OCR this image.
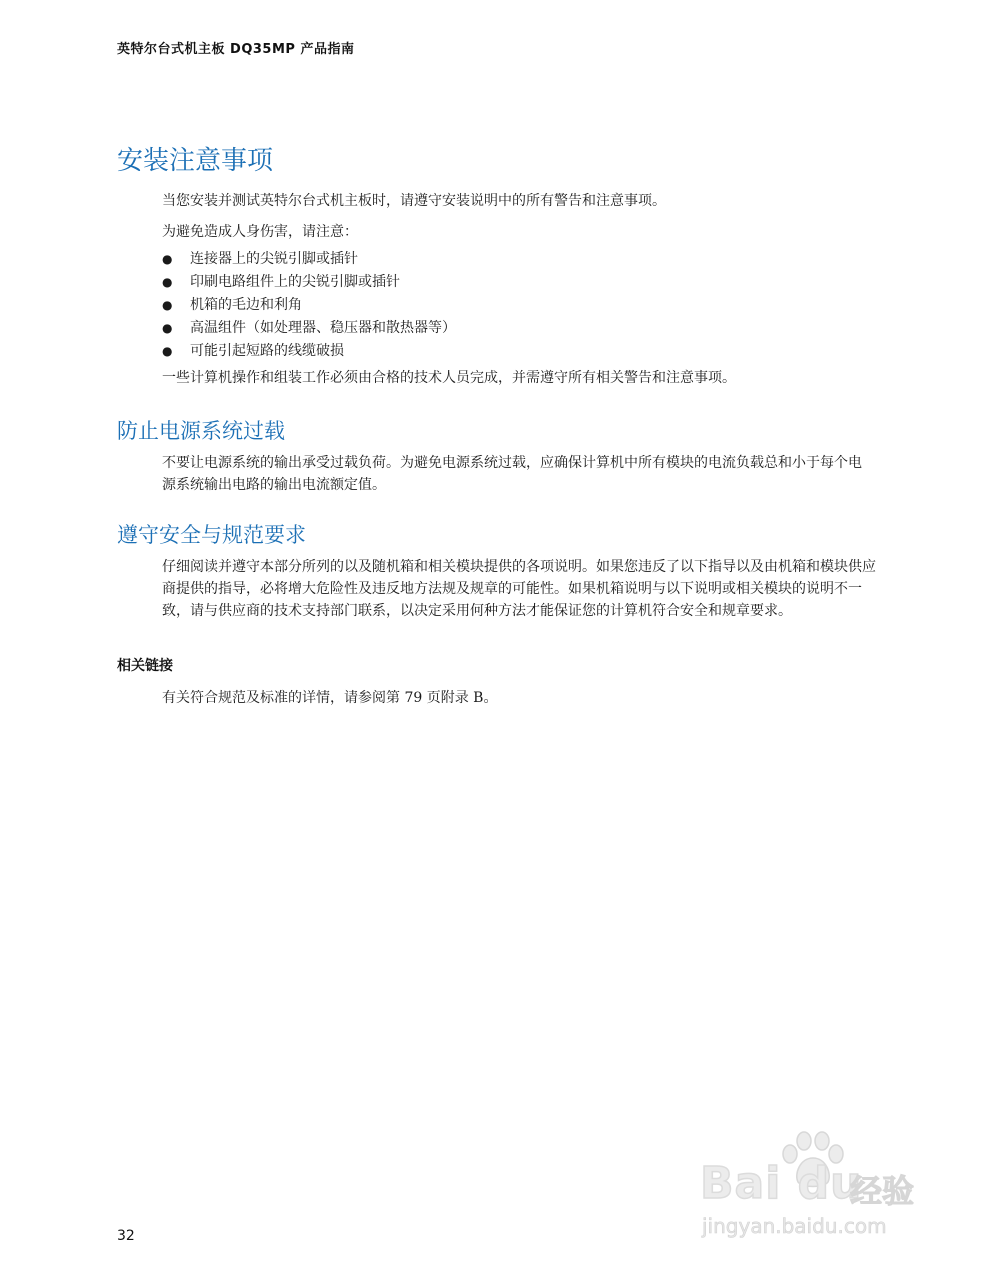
英特尔台式机主板 DQ35MP 产品指南
安装注意事项

当您安装并测试英特尔台式机主板时，请遵守安装说明中的所有警告和注意事项。

为避免造成人身伤害，请注意：

● 连接器上的尖锐引脚或插针
● 印刷电路组件上的尖锐引脚或插针
● 机箱的毛边和利角
● 高温组件（如处理器、稳压器和散热器等）
● 可能引起短路的线缆破损

一些计算机操作和组装工作必须由合格的技术人员完成，并需遵守所有相关警告和注意事项。

防止电源系统过载

不要让电源系统的输出承受过载负荷。为避免电源系统过载，应确保计算机中所有模块的电流负载总和小于每个电源系统输出电路的输出电流额定值。

遵守安全与规范要求

仔细阅读并遵守本部分所列的以及随机箱和相关模块提供的各项说明。如果您违反了以下指导以及由机箱和模块供应商提供的指导，必将增大危险性及违反地方法规及规章的可能性。如果机箱说明与以下说明或相关模块的说明不一致，请与供应商的技术支持部门联系，以决定采用何种方法才能保证您的计算机符合安全和规章要求。

相关链接

有关符合规范及标准的详情，请参阅第 79 页附录 B。

32
Bai du
经验
jingyan.baidu.com
